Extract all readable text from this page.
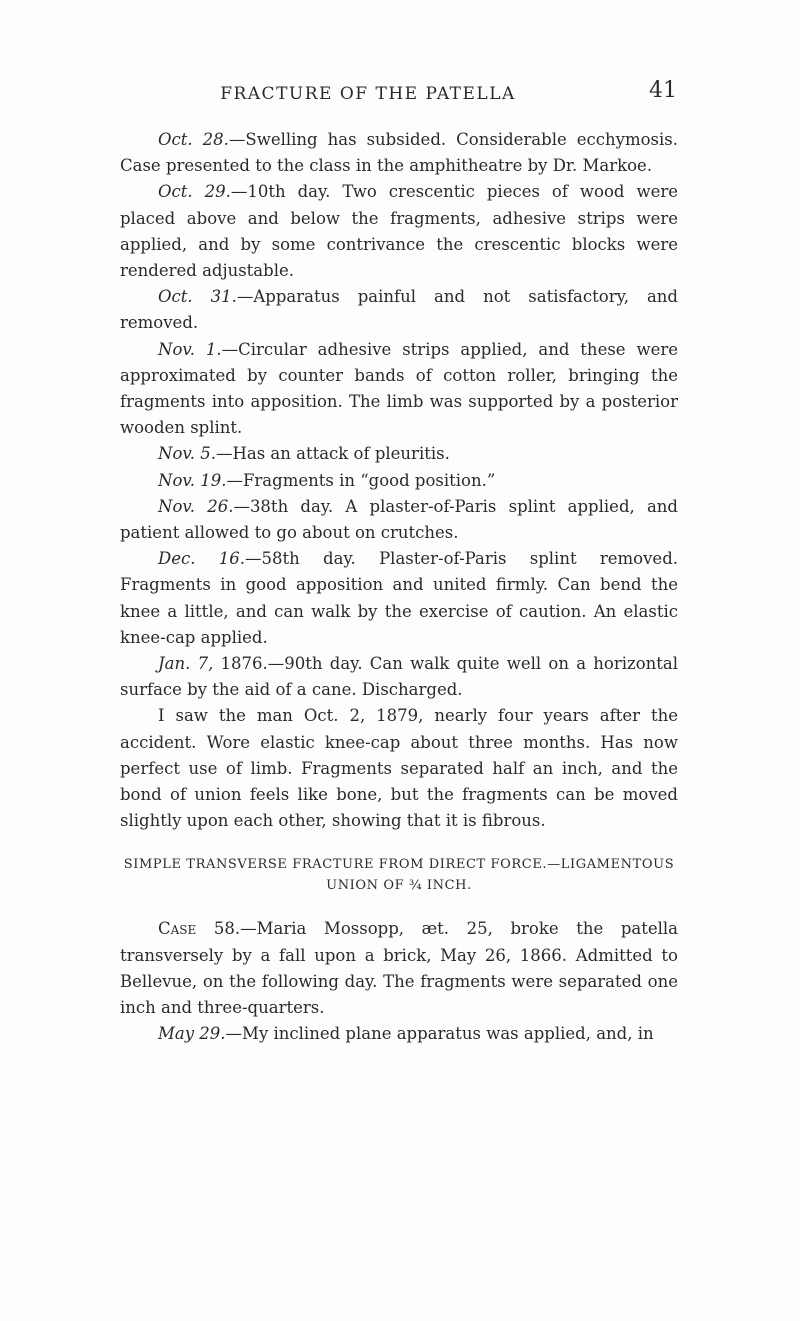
FRACTURE OF THE PATELLA	41

Oct. 28.—Swelling has subsided. Considerable ecchymosis. Case presented to the class in the amphitheatre by Dr. Markoe.

Oct. 29.—10th day. Two crescentic pieces of wood were placed above and below the fragments, adhesive strips were applied, and by some contrivance the crescentic blocks were rendered adjustable.

Oct. 31.—Apparatus painful and not satisfactory, and removed.

Nov. 1.—Circular adhesive strips applied, and these were approximated by counter bands of cotton roller, bringing the fragments into apposition. The limb was supported by a posterior wooden splint.

Nov. 5.—Has an attack of pleuritis.

Nov. 19.—Fragments in “good position.”

Nov. 26.—38th day. A plaster-of-Paris splint applied, and patient allowed to go about on crutches.

Dec. 16.—58th day. Plaster-of-Paris splint removed. Fragments in good apposition and united firmly. Can bend the knee a little, and can walk by the exercise of caution. An elastic knee-cap applied.

Jan. 7, 1876.—90th day. Can walk quite well on a horizontal surface by the aid of a cane. Discharged.

I saw the man Oct. 2, 1879, nearly four years after the accident. Wore elastic knee-cap about three months. Has now perfect use of limb. Fragments separated half an inch, and the bond of union feels like bone, but the fragments can be moved slightly upon each other, showing that it is fibrous.

SIMPLE TRANSVERSE FRACTURE FROM DIRECT FORCE.—LIGAMENTOUS
UNION OF ¾ INCH.

Case 58.—Maria Mossopp, æt. 25, broke the patella transversely by a fall upon a brick, May 26, 1866. Admitted to Bellevue, on the following day. The fragments were separated one inch and three-quarters.

May 29.—My inclined plane apparatus was applied, and, in
